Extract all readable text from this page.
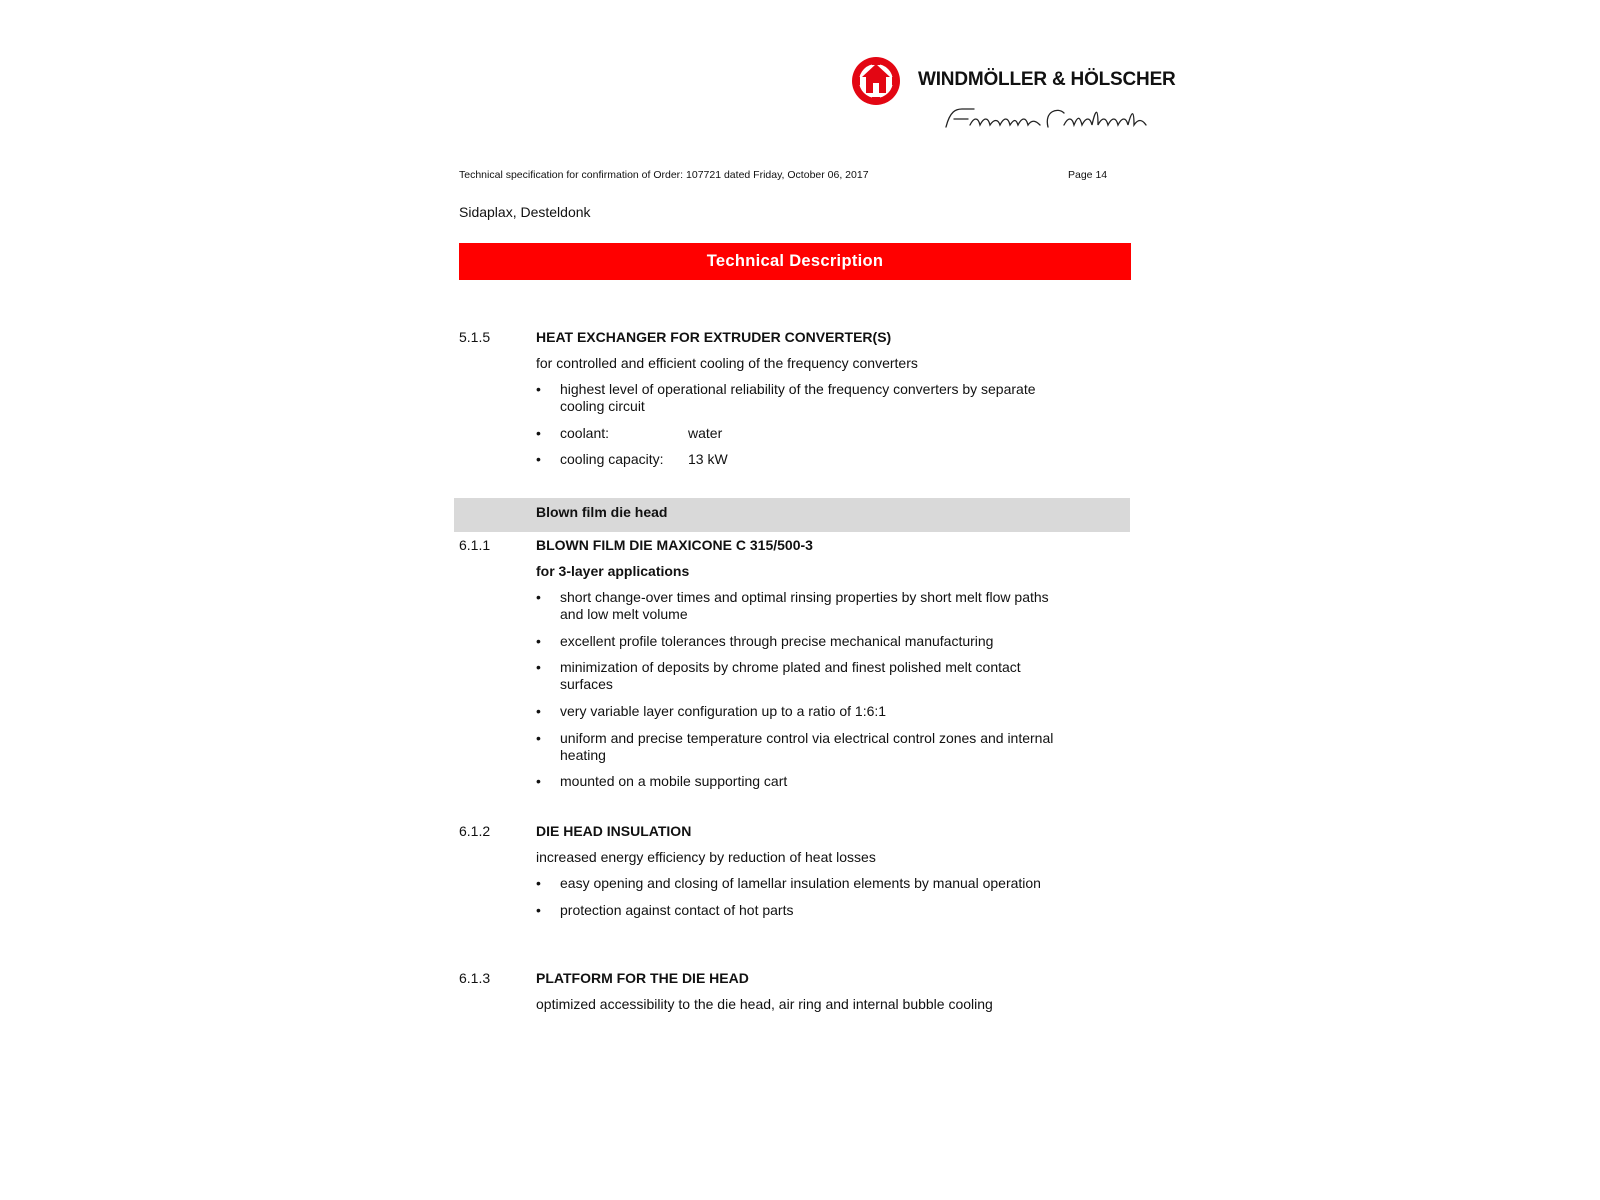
WINDMÖLLER & HÖLSCHER
Technical specification for confirmation of Order: 107721 dated Friday, October 06, 2017	Page 14
Sidaplax, Desteldonk
Technical Description
5.1.5	HEAT EXCHANGER FOR EXTRUDER CONVERTER(S)
for controlled and efficient cooling of the frequency converters
• highest level of operational reliability of the frequency converters by separate cooling circuit
• coolant:	water
• cooling capacity: 13 kW
Blown film die head
6.1.1	BLOWN FILM DIE MAXICONE C 315/500-3
for 3-layer applications
• short change-over times and optimal rinsing properties by short melt flow paths and low melt volume
• excellent profile tolerances through precise mechanical manufacturing
• minimization of deposits by chrome plated and finest polished melt contact surfaces
• very variable layer configuration up to a ratio of 1:6:1
• uniform and precise temperature control via electrical control zones and internal heating
• mounted on a mobile supporting cart
6.1.2	DIE HEAD INSULATION
increased energy efficiency by reduction of heat losses
• easy opening and closing of lamellar insulation elements by manual operation
• protection against contact of hot parts
6.1.3	PLATFORM FOR THE DIE HEAD
optimized accessibility to the die head, air ring and internal bubble cooling
